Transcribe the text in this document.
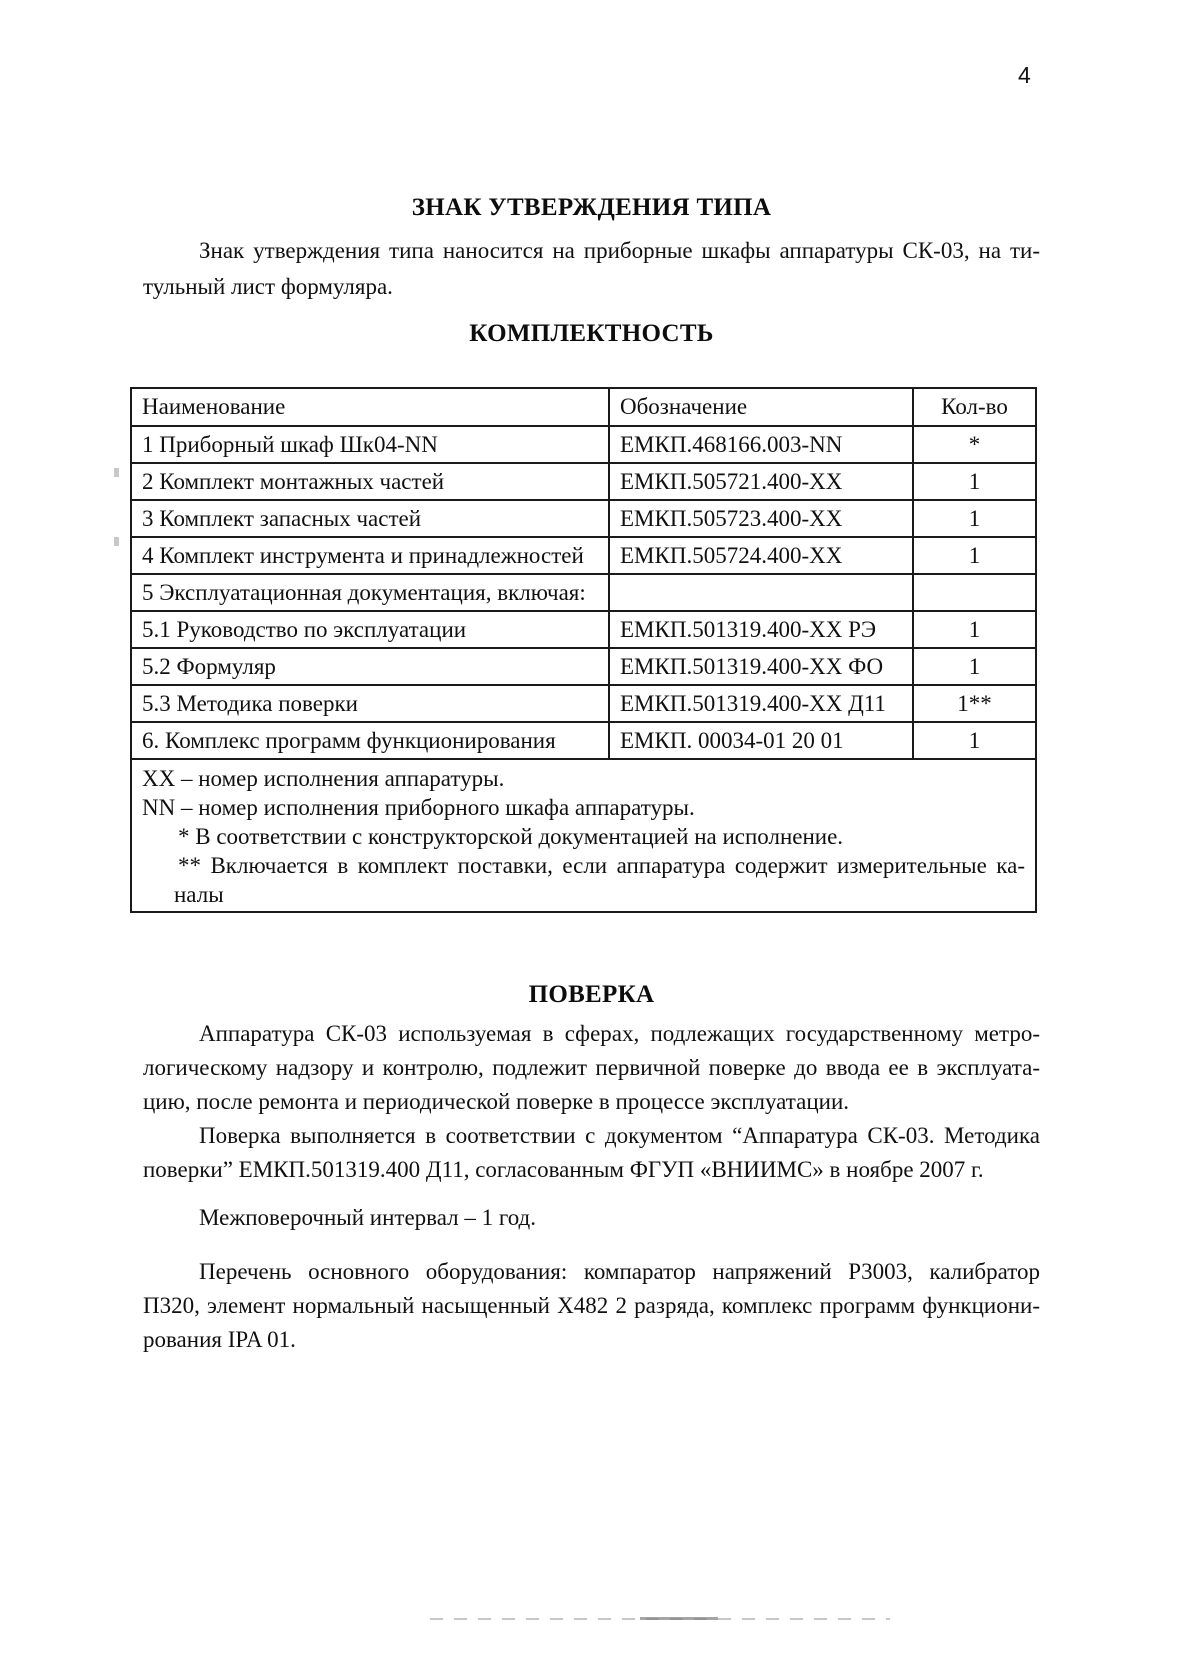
4
ЗНАК УТВЕРЖДЕНИЯ ТИПА
Знак утверждения типа наносится на приборные шкафы аппаратуры СК-03, на ти-
тульный лист формуляра.
КОМПЛЕКТНОСТЬ
Наименование	Обозначение	Кол-во
1 Приборный шкаф Шк04-NN	ЕМКП.468166.003-NN	*
2 Комплект монтажных частей	ЕМКП.505721.400-ХХ	1
3 Комплект запасных частей	ЕМКП.505723.400-ХХ	1
4 Комплект инструмента и принадлежностей	ЕМКП.505724.400-ХХ	1
5 Эксплуатационная документация, включая:		
5.1 Руководство по эксплуатации	ЕМКП.501319.400-ХХ РЭ	1
5.2 Формуляр	ЕМКП.501319.400-ХХ ФО	1
5.3 Методика поверки	ЕМКП.501319.400-ХХ Д11	1**
6. Комплекс программ функционирования	ЕМКП. 00034-01 20 01	1

ХХ – номер исполнения аппаратуры.
NN – номер исполнения приборного шкафа аппаратуры.
* В соответствии с конструкторской документацией на исполнение.
** Включается в комплект поставки, если аппаратура содержит измерительные ка-
налы		
ПОВЕРКА
Аппаратура СК-03 используемая в сферах, подлежащих государственному метро-
логическому надзору и контролю, подлежит первичной поверке до ввода ее в эксплуата-
цию, после ремонта и периодической поверке в процессе эксплуатации.
Поверка выполняется в соответствии с документом “Аппаратура СК-03. Методика
поверки” ЕМКП.501319.400 Д11, согласованным ФГУП «ВНИИМС» в ноябре 2007 г.
Межповерочный интервал – 1 год.
Перечень основного оборудования: компаратор напряжений Р3003, калибратор
П320, элемент нормальный насыщенный Х482 2 разряда, комплекс программ функциони-
рования IPA 01.
